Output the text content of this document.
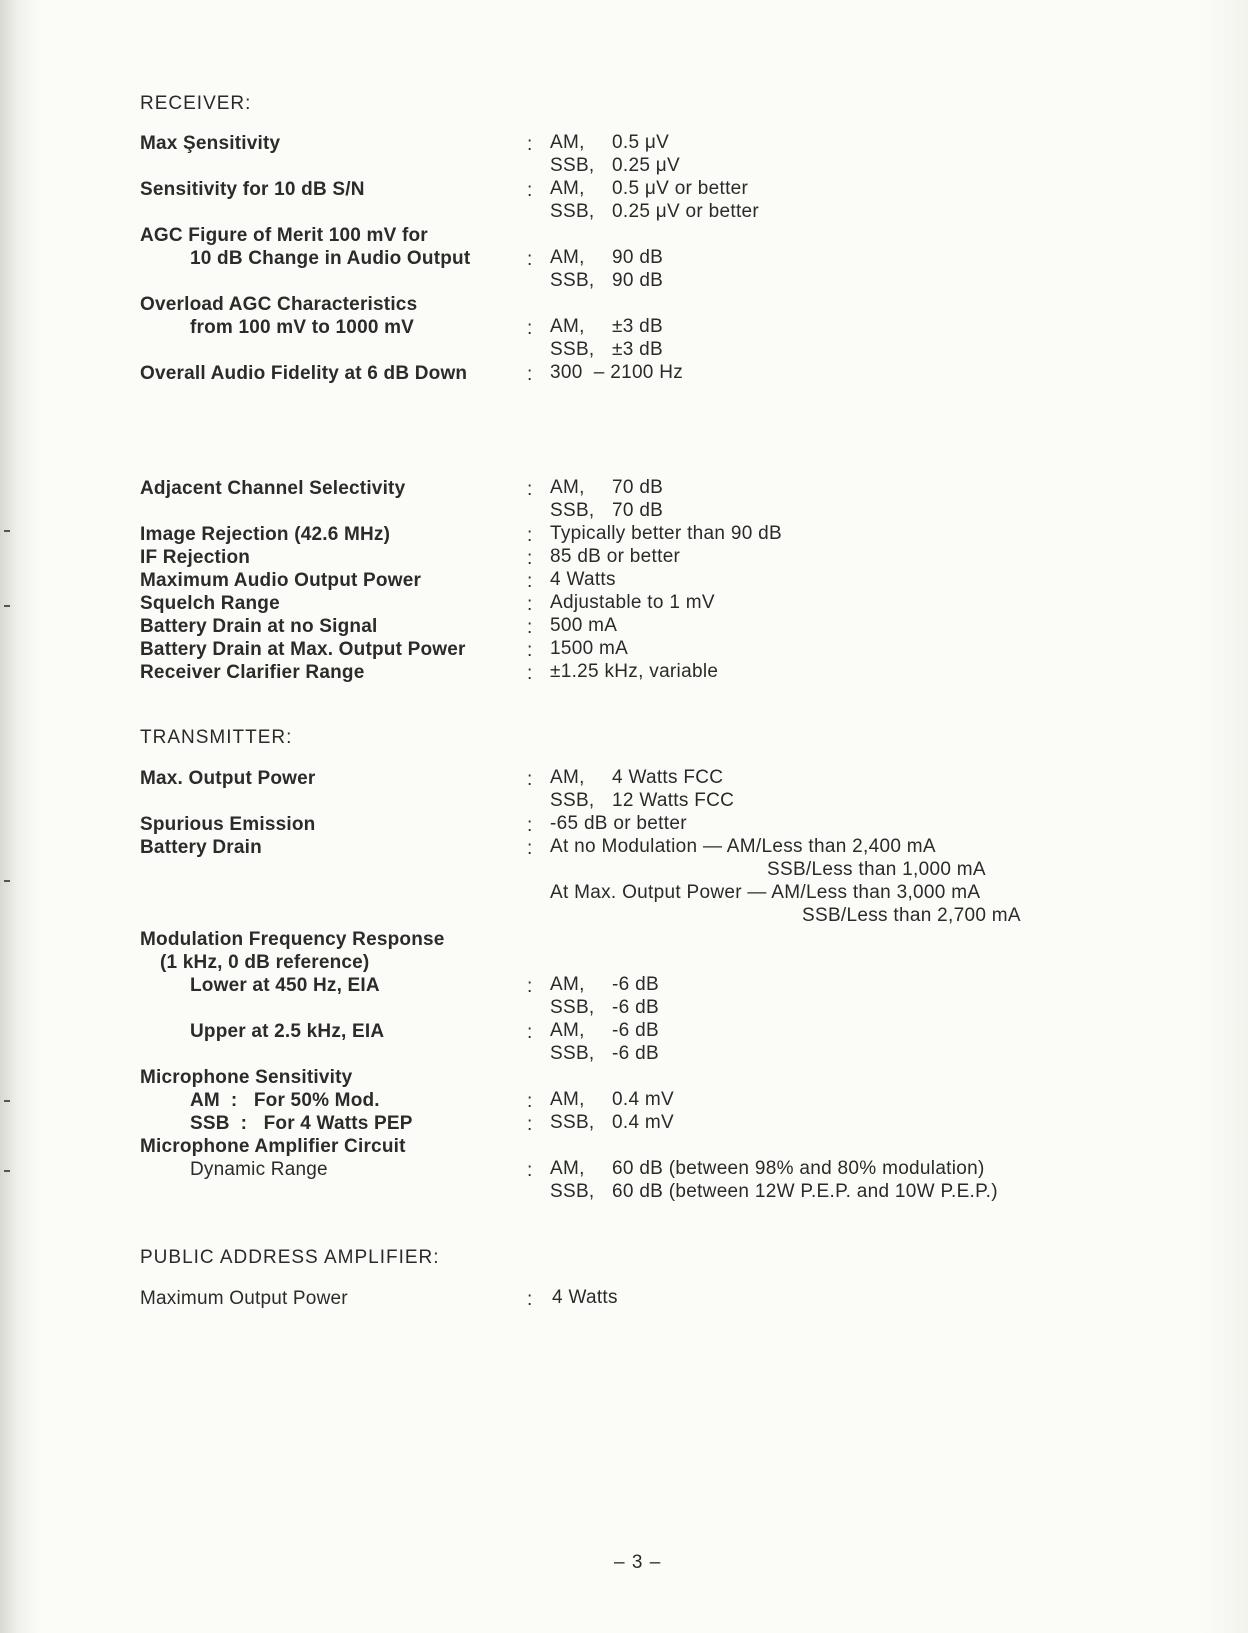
RECEIVER:
Max Şensitivity	: AM, 0.5 μV
SSB, 0.25 μV
Sensitivity for 10 dB S/N	: AM, 0.5 μV or better
SSB, 0.25 μV or better
AGC Figure of Merit 100 mV for
10 dB Change in Audio Output	: AM, 90 dB
SSB, 90 dB
Overload AGC Characteristics
from 100 mV to 1000 mV	: AM, ±3 dB
SSB, ±3 dB
Overall Audio Fidelity at 6 dB Down	: 300  – 2100 Hz
Adjacent Channel Selectivity	: AM, 70 dB
SSB, 70 dB
Image Rejection (42.6 MHz)	: Typically better than 90 dB
IF Rejection	: 85 dB or better
Maximum Audio Output Power	: 4 Watts
Squelch Range	: Adjustable to 1 mV
Battery Drain at no Signal	: 500 mA
Battery Drain at Max. Output Power	: 1500 mA
Receiver Clarifier Range	: ±1.25 kHz, variable
TRANSMITTER:
Max. Output Power	: AM, 4 Watts FCC
SSB, 12 Watts FCC
Spurious Emission	: -65 dB or better
Battery Drain	: At no Modulation — AM/Less than 2,400 mA
SSB/Less than 1,000 mA
At Max. Output Power — AM/Less than 3,000 mA
SSB/Less than 2,700 mA
Modulation Frequency Response
(1 kHz, 0 dB reference)
Lower at 450 Hz, EIA	: AM, -6 dB
SSB, -6 dB
Upper at 2.5 kHz, EIA	: AM, -6 dB
SSB, -6 dB
Microphone Sensitivity
AM  :   For 50% Mod.	: AM, 0.4 mV
SSB  :   For 4 Watts PEP	: SSB, 0.4 mV
Microphone Amplifier Circuit
Dynamic Range	: AM, 60 dB (between 98% and 80% modulation)
SSB, 60 dB (between 12W P.E.P. and 10W P.E.P.)
PUBLIC ADDRESS AMPLIFIER:
Maximum Output Power	: 4 Watts
– 3 –
